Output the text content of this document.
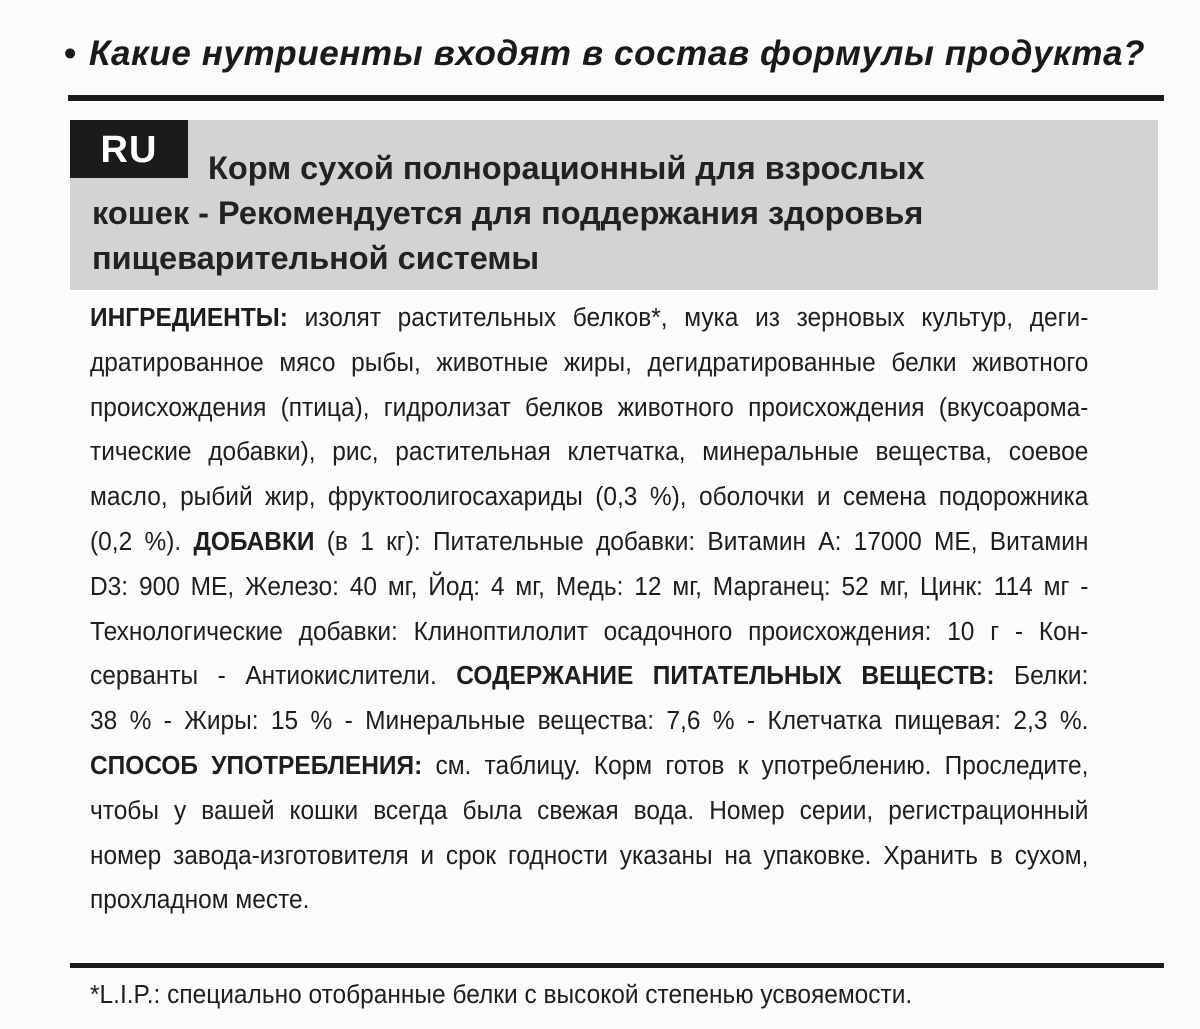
• Какие нутриенты входят в состав формулы продукта?
RU	Корм сухой полнорационный для взрослых
кошек - Рекомендуется для поддержания здоровья
пищеварительной системы
ИНГРЕДИЕНТЫ: изолят растительных белков*, мука из зерновых культур, деги-
дратированное мясо рыбы, животные жиры, дегидратированные белки животного
происхождения (птица), гидролизат белков животного происхождения (вкусоарома-
тические добавки), рис, растительная клетчатка, минеральные вещества, соевое
масло, рыбий жир, фруктоолигосахариды (0,3 %), оболочки и семена подорожника
(0,2 %). ДОБАВКИ (в 1 кг): Питательные добавки: Витамин А: 17000 МЕ, Витамин
D3: 900 МЕ, Железо: 40 мг, Йод: 4 мг, Медь: 12 мг, Марганец: 52 мг, Цинк: 114 мг -
Технологические добавки: Клиноптилолит осадочного происхождения: 10 г - Кон-
серванты - Антиокислители. СОДЕРЖАНИЕ ПИТАТЕЛЬНЫХ ВЕЩЕСТВ: Белки:
38 % - Жиры: 15 % - Минеральные вещества: 7,6 % - Клетчатка пищевая: 2,3 %.
СПОСОБ УПОТРЕБЛЕНИЯ: см. таблицу. Корм готов к употреблению. Проследите,
чтобы у вашей кошки всегда была свежая вода. Номер серии, регистрационный
номер завода-изготовителя и срок годности указаны на упаковке. Хранить в сухом,
прохладном месте.
*L.I.P.: специально отобранные белки с высокой степенью усвояемости.
